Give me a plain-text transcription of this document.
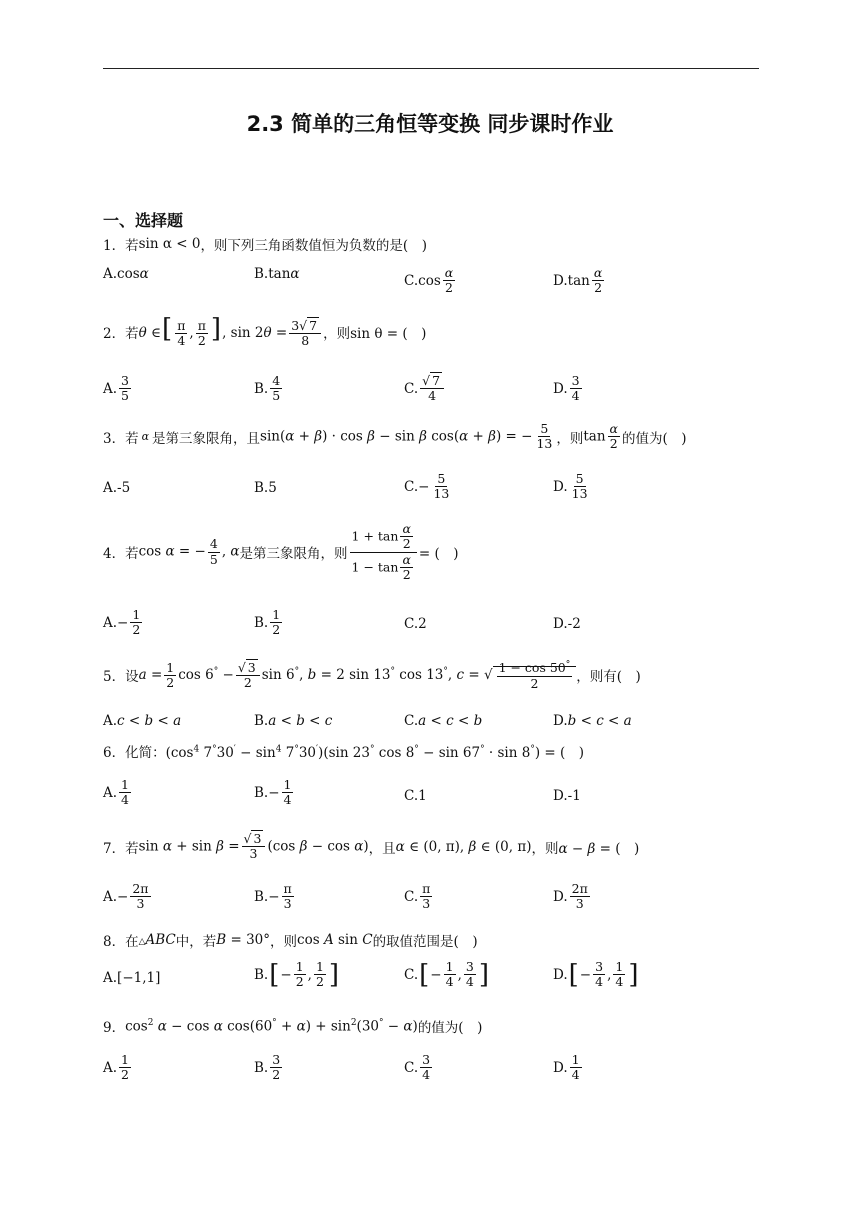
2.3 简单的三角恒等变换 同步课时作业
一、选择题
1． 若 sin α < 0 ，则下列三角函数值恒为负数的是(　)
A. cos α	B. tan α	C. $\cos \frac{\alpha}{2}$	D. $\tan \frac{\alpha}{2}$
2． 若 θ ∈[ $\frac{\pi}{4}$ , $\frac{\pi}{2}$ ], $\sin 2\theta = \frac{3√ 7}{8}$ ，则 sin θ = (　)
A. $\frac{3}{5}$	B. $\frac{4}{5}$	C. $\frac{√ 7}{4}$	D. $\frac{3}{4}$
3． 若 α 是第三象限角，且 sin(α + β) · cos β − sin β cos(α + β) = − $\frac{5}{13}$ ，则 $\tan \frac{\alpha}{2}$ 的值为(　)
A.-5	B.5	C. − $\frac{5}{13}$	D. $\frac{5}{13}$
4． 若 cos α = − $\frac{4}{5}$ , α 是第三象限角，则 $\frac{1 + \tan \frac{\alpha}{2}}{1 - \tan \frac{\alpha}{2}}$ = (　)
A. − $\frac{1}{2}$	B. $\frac{1}{2}$	C.2	D.-2
5． 设 $a = \frac{1}{2}$ $\cos 6^\circ - \frac{√ 3}{2}$ sin 6°, b = 2 sin 13° cos 13°, c = √ $\frac{1 - \cos 50^\circ}{2}$ ，则有(　)
A. c < b < a	B. a < b < c	C. a < c < b	D. b < c < a
6． 化简： ($\cos^4$ $7^\circ 30' - \sin^4 7^\circ 30')(\sin$ 23° cos 8° − sin 67° · sin 8°) = (　)
A. $\frac{1}{4}$	B. − $\frac{1}{4}$	C.1	D.-1
7． 若 $\sin \alpha + \sin \beta = \frac{√ 3}{3} (\cos$ β − cos α) ，且 α ∈ (0, π), β ∈ (0, π) ，则 α − β = (　)
A. − $\frac{2\pi}{3}$	B. − $\frac{\pi}{3}$	C. $\frac{\pi}{3}$	D. $\frac{2\pi}{3}$
8． 在 △ABC 中，若 B = 30° ，则 cos A sin C 的取值范围是(　)
A. [−1,1]	B. [ − $\frac{1}{2}$ , $\frac{1}{2}$ ]	C. [ − $\frac{1}{4}$ , $\frac{3}{4}$ ]	D. [ − $\frac{3}{4}$ , $\frac{1}{4}$ ]
9． $\cos^2 \alpha - \cos \alpha$ $\cos(60^\circ + \alpha) + \sin^2(30^\circ - \alpha)$ 的值为(　)
A. $\frac{1}{2}$	B. $\frac{3}{2}$	C. $\frac{3}{4}$	D. $\frac{1}{4}$
